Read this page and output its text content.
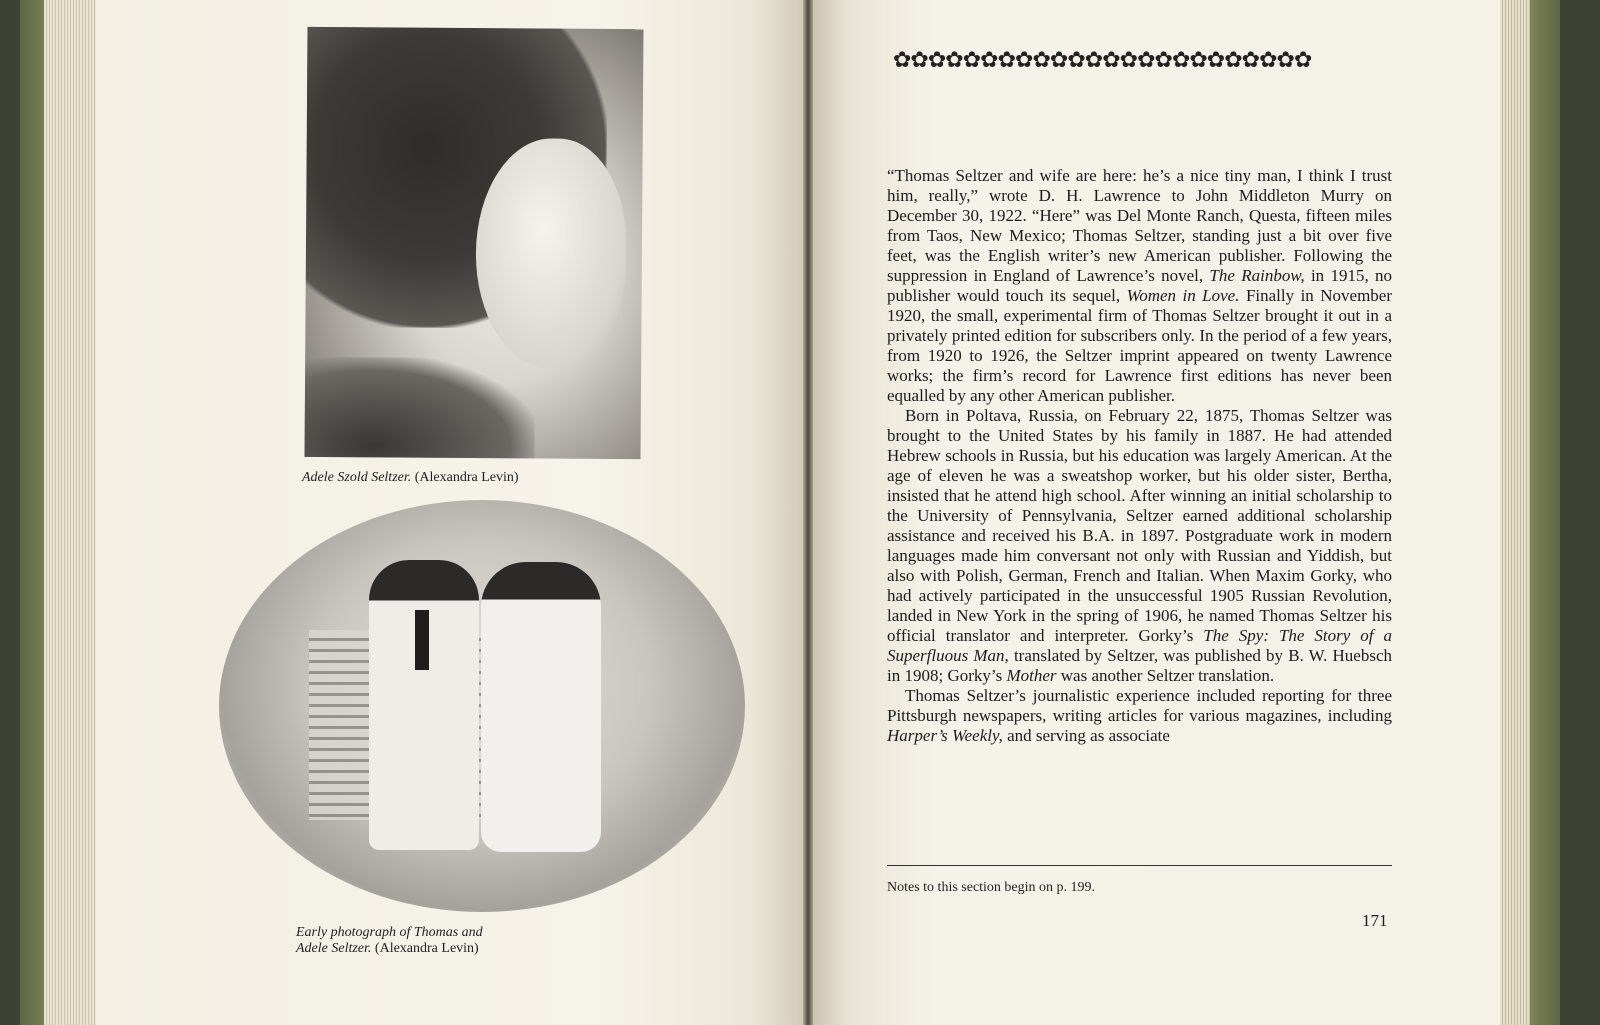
Adele Szold Seltzer. (Alexandra Levin)
Early photograph of Thomas and
Adele Seltzer. (Alexandra Levin)
✿✿✿✿✿✿✿✿✿✿✿✿✿✿✿✿✿✿✿✿✿✿✿✿

“Thomas Seltzer and wife are here: he’s a nice tiny man, I think I trust him, really,” wrote D. H. Lawrence to John Middleton Murry on December 30, 1922. “Here” was Del Monte Ranch, Questa, fifteen miles from Taos, New Mexico; Thomas Seltzer, standing just a bit over five feet, was the English writer’s new American publisher. Following the suppression in England of Lawrence’s novel, The Rainbow, in 1915, no publisher would touch its sequel, Women in Love. Finally in November 1920, the small, experimental firm of Thomas Seltzer brought it out in a privately printed edition for subscribers only. In the period of a few years, from 1920 to 1926, the Seltzer imprint appeared on twenty Lawrence works; the firm’s record for Lawrence first editions has never been equalled by any other American publisher.

Born in Poltava, Russia, on February 22, 1875, Thomas Seltzer was brought to the United States by his family in 1887. He had attended Hebrew schools in Russia, but his education was largely American. At the age of eleven he was a sweatshop worker, but his older sister, Bertha, insisted that he attend high school. After winning an initial scholarship to the University of Pennsylvania, Seltzer earned additional scholarship assistance and received his B.A. in 1897. Postgraduate work in modern languages made him conversant not only with Russian and Yiddish, but also with Polish, German, French and Italian. When Maxim Gorky, who had actively participated in the unsuccessful 1905 Russian Revolution, landed in New York in the spring of 1906, he named Thomas Seltzer his official translator and interpreter. Gorky’s The Spy: The Story of a Superfluous Man, translated by Seltzer, was published by B. W. Huebsch in 1908; Gorky’s Mother was another Seltzer translation.

Thomas Seltzer’s journalistic experience included reporting for three Pittsburgh newspapers, writing articles for various magazines, including Harper’s Weekly, and serving as associate

Notes to this section begin on p. 199.
171
